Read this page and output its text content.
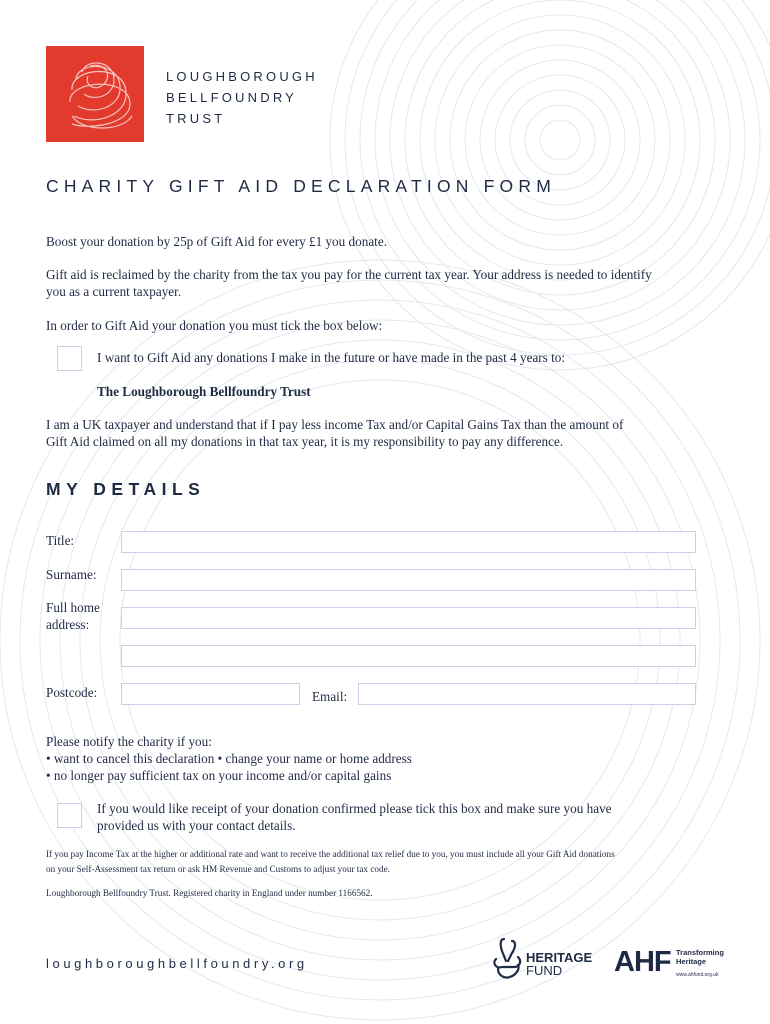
LOUGHBOROUGH
BELLFOUNDRY
TRUST
CHARITY GIFT AID DECLARATION FORM

Boost your donation by 25p of Gift Aid for every £1 you donate.

Gift aid is reclaimed by the charity from the tax you pay for the current tax year. Your address is needed to identify

you as a current taxpayer.

In order to Gift Aid your donation you must tick the box below:

I want to Gift Aid any donations I make in the future or have made in the past 4 years to:

The Loughborough Bellfoundry Trust

I am a UK taxpayer and understand that if I pay less income Tax and/or Capital Gains Tax than the amount of

Gift Aid claimed on all my donations in that tax year, it is my responsibility to pay any difference.

MY DETAILS
Title:
Surname:
Full home
address:
Postcode:	Email:

Please notify the charity if you:

• want to cancel this declaration • change your name or home address

• no longer pay sufficient tax on your income and/or capital gains

If you would like receipt of your donation confirmed please tick this box and make sure you have

provided us with your contact details.

If you pay Income Tax at the higher or additional rate and want to receive the additional tax relief due to you, you must include all your Gift Aid donations

on your Self-Assessment tax return or ask HM Revenue and Customs to adjust your tax code.

Loughborough Bellfoundry Trust. Registered charity in England under number 1166562.

loughboroughbellfoundry.org	HERITAGE
FUND	AHF Transforming
Heritage
www.ahfund.org.uk
